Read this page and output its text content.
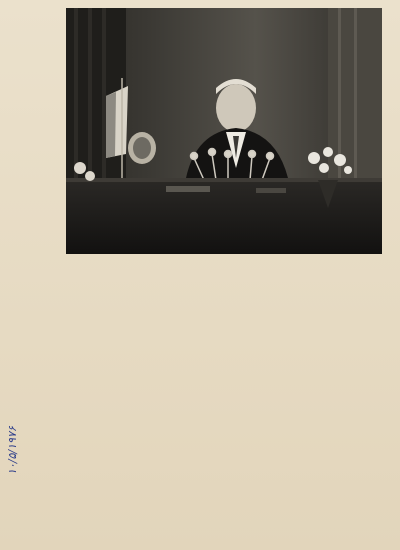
۱۰/۵/۱۹۷۶
